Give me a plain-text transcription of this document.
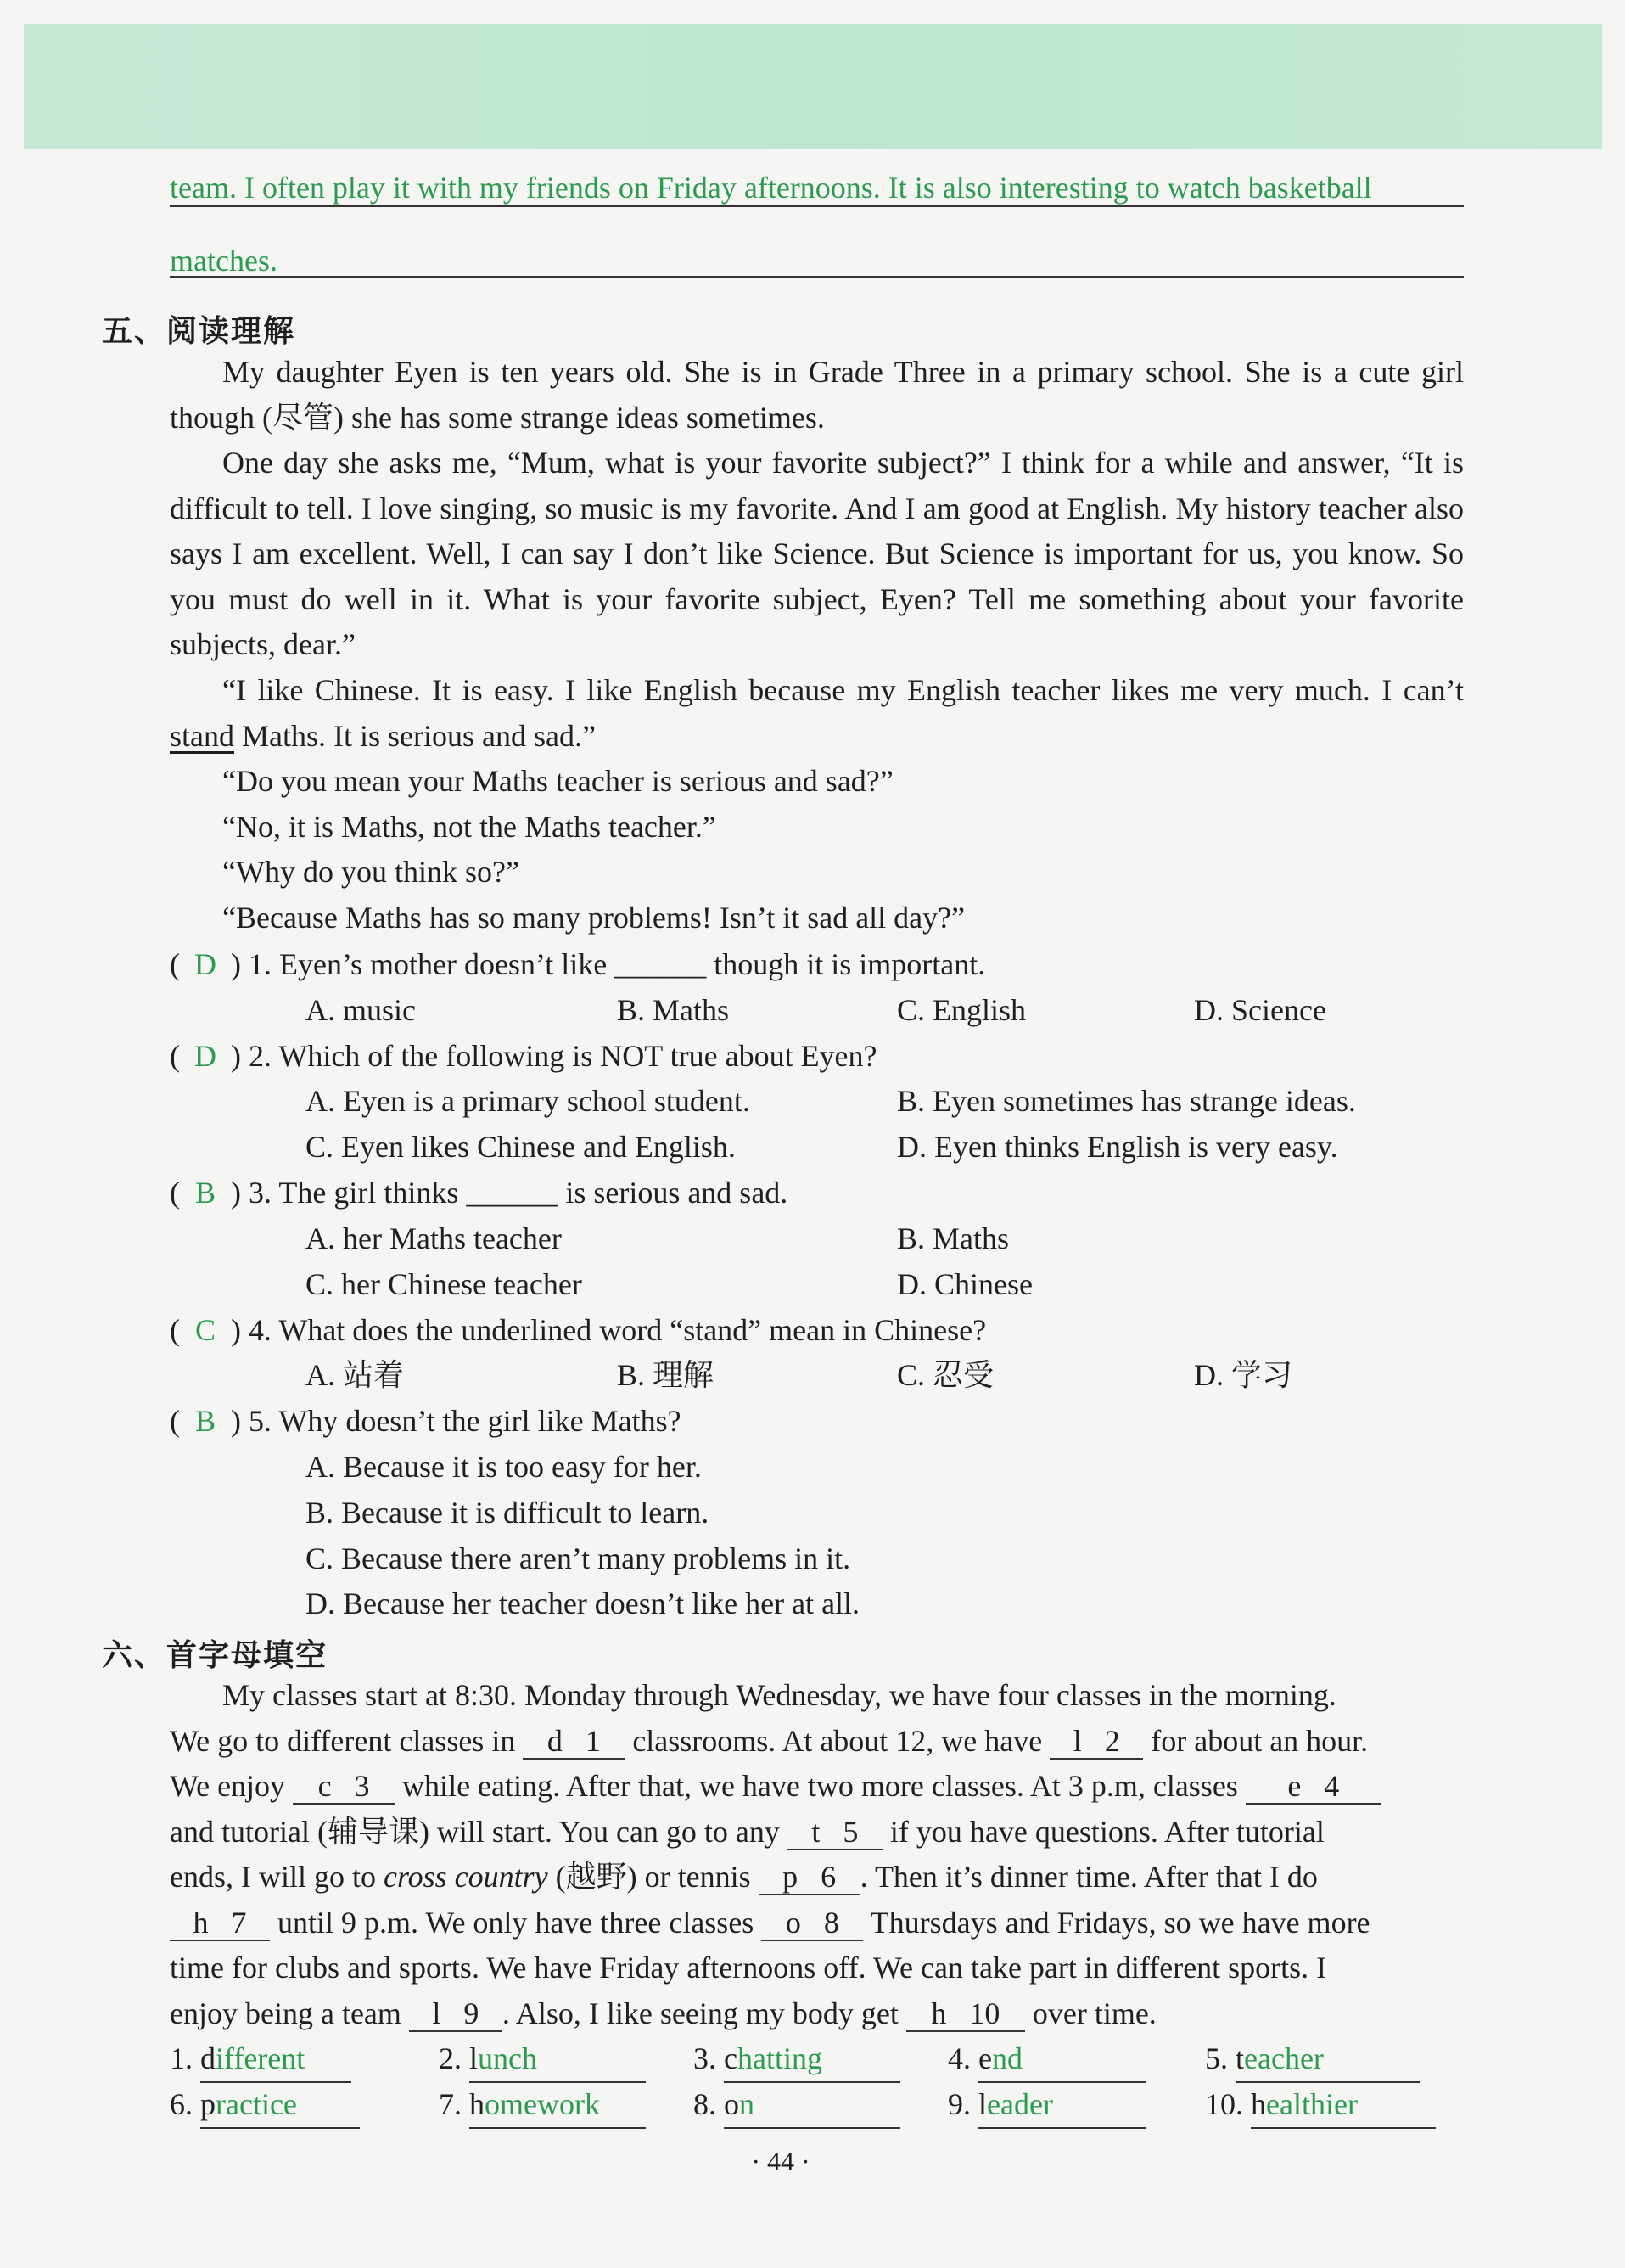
team. I often play it with my friends on Friday afternoons. It is also interesting to watch basketball
matches.
五、阅读理解
My daughter Eyen is ten years old. She is in Grade Three in a primary school. She is a cute girl though (尽管) she has some strange ideas sometimes.
One day she asks me, “Mum, what is your favorite subject?” I think for a while and answer, “It is difficult to tell. I love singing, so music is my favorite. And I am good at English. My history teacher also says I am excellent. Well, I can say I don’t like Science. But Science is important for us, you know. So you must do well in it. What is your favorite subject, Eyen? Tell me something about your favorite subjects, dear.”
“I like Chinese. It is easy. I like English because my English teacher likes me very much. I can’t stand Maths. It is serious and sad.”
“Do you mean your Maths teacher is serious and sad?”
“No, it is Maths, not the Maths teacher.”
“Why do you think so?”
“Because Maths has so many problems! Isn’t it sad all day?”
( D ) 1. Eyen’s mother doesn’t like ______ though it is important.
A. music	B. Maths	C. English	D. Science
( D ) 2. Which of the following is NOT true about Eyen?
A. Eyen is a primary school student.	B. Eyen sometimes has strange ideas.
C. Eyen likes Chinese and English.	D. Eyen thinks English is very easy.
( B ) 3. The girl thinks ______ is serious and sad.
A. her Maths teacher	B. Maths
C. her Chinese teacher	D. Chinese
( C ) 4. What does the underlined word “stand” mean in Chinese?
A. 站着	B. 理解	C. 忍受	D. 学习
( B ) 5. Why doesn’t the girl like Maths?
A. Because it is too easy for her.
B. Because it is difficult to learn.
C. Because there aren’t many problems in it.
D. Because her teacher doesn’t like her at all.
六、首字母填空
My classes start at 8:30. Monday through Wednesday, we have four classes in the morning.
We go to different classes in d 1 classrooms. At about 12, we have l 2 for about an hour.
We enjoy c 3 while eating. After that, we have two more classes. At 3 p.m, classes e 4
and tutorial (辅导课) will start. You can go to any t 5 if you have questions. After tutorial
ends, I will go to cross country (越野) or tennis p 6 . Then it’s dinner time. After that I do
h 7 until 9 p.m. We only have three classes o 8 Thursdays and Fridays, so we have more
time for clubs and sports. We have Friday afternoons off. We can take part in different sports. I
enjoy being a team l 9 . Also, I like seeing my body get h 10 over time.
1. different	2. lunch	3. chatting	4. end	5. teacher
6. practice	7. homework	8. on	9. leader	10. healthier
· 44 ·
